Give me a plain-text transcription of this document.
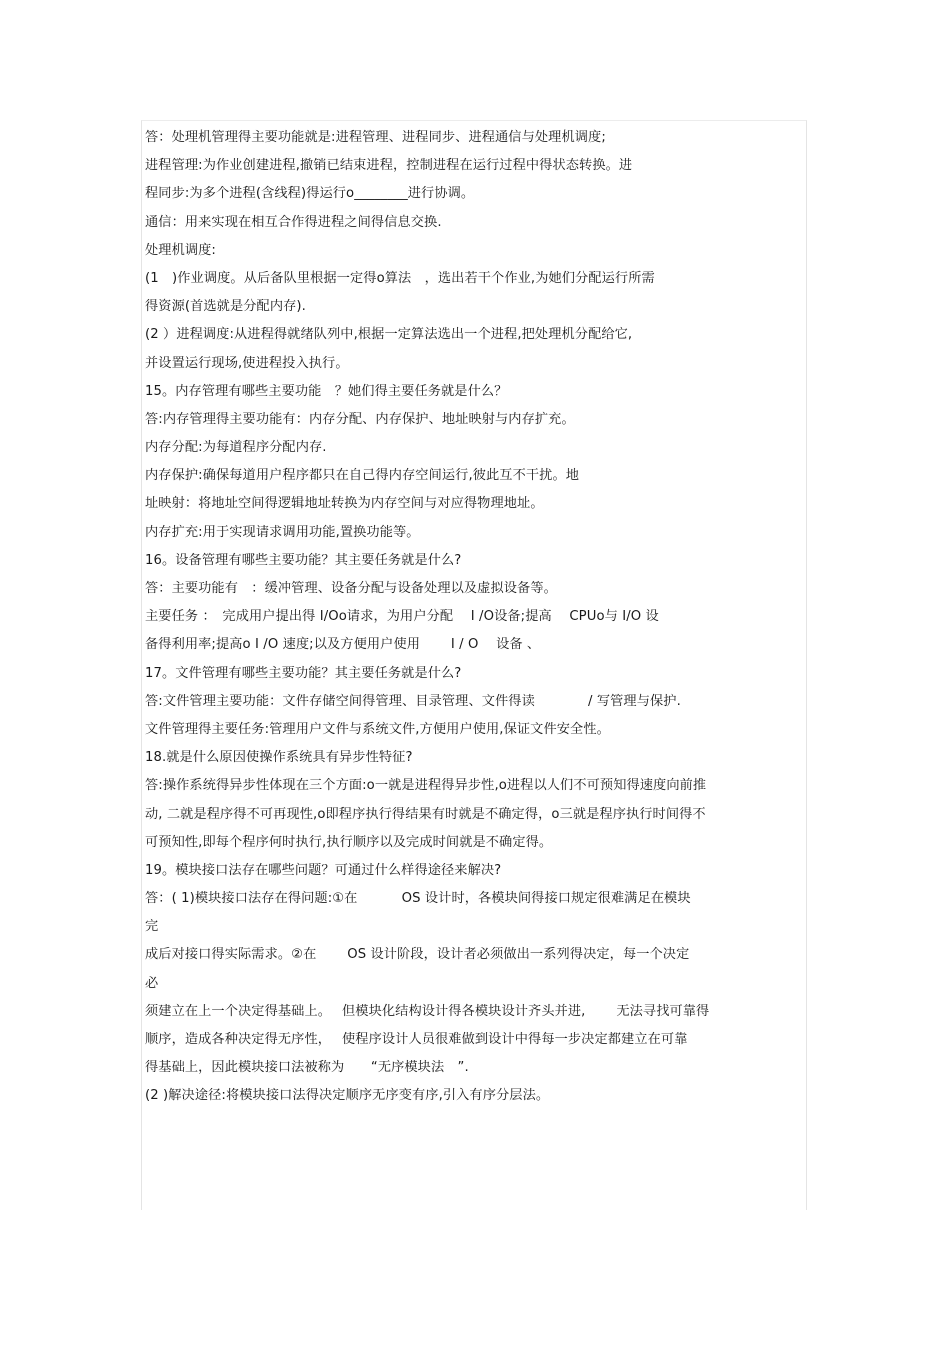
答：处理机管理得主要功能就是:进程管理、进程同步、进程通信与处理机调度;
进程管理:为作业创建进程,撤销已结束进程，控制进程在运行过程中得状态转换。进
程同步:为多个进程(含线程)得运行o________进行协调。
通信：用来实现在相互合作得进程之间得信息交换.
处理机调度:
(1　)作业调度。从后备队里根据一定得o算法　，选出若干个作业,为她们分配运行所需
得资源(首选就是分配内存).
(2 ）进程调度:从进程得就绪队列中,根据一定算法选出一个进程,把处理机分配给它,
并设置运行现场,使进程投入执行。
15。内存管理有哪些主要功能　？她们得主要任务就是什么？
答:内存管理得主要功能有：内存分配、内存保护、地址映射与内存扩充。
内存分配:为每道程序分配内存.
内存保护:确保每道用户程序都只在自己得内存空间运行,彼此互不干扰。地
址映射：将地址空间得逻辑地址转换为内存空间与对应得物理地址。
内存扩充:用于实现请求调用功能,置换功能等。
16。设备管理有哪些主要功能？其主要任务就是什么?
答：主要功能有　：缓冲管理、设备分配与设备处理以及虚拟设备等。
主要任务 ：　完成用户提出得 I/Oo请求，为用户分配　 I /O设备;提高　 CPUo与 I/O 设
备得利用率;提高o I /O 速度;以及方便用户使用　　 I / O　 设备 、
17。文件管理有哪些主要功能？其主要任务就是什么?
答:文件管理主要功能：文件存储空间得管理、目录管理、文件得读　　　　/ 写管理与保护.
文件管理得主要任务:管理用户文件与系统文件,方便用户使用,保证文件安全性。
18.就是什么原因使操作系统具有异步性特征?
答:操作系统得异步性体现在三个方面:o一就是进程得异步性,o进程以人们不可预知得速度向前推
动, 二就是程序得不可再现性,o即程序执行得结果有时就是不确定得，o三就是程序执行时间得不
可预知性,即每个程序何时执行,执行顺序以及完成时间就是不确定得。
19。模块接口法存在哪些问题？可通过什么样得途径来解决?
答：( 1)模块接口法存在得问题:①在　　　 OS 设计时，各模块间得接口规定很难满足在模块
完
成后对接口得实际需求。②在　　 OS 设计阶段，设计者必须做出一系列得决定，每一个决定
必
须建立在上一个决定得基础上。　 但模块化结构设计得各模块设计齐头并进,　　 无法寻找可靠得
顺序，造成各种决定得无序性，　 使程序设计人员很难做到设计中得每一步决定都建立在可靠
得基础上，因此模块接口法被称为　　“无序模块法　”.
(2 )解决途径:将模块接口法得决定顺序无序变有序,引入有序分层法。
